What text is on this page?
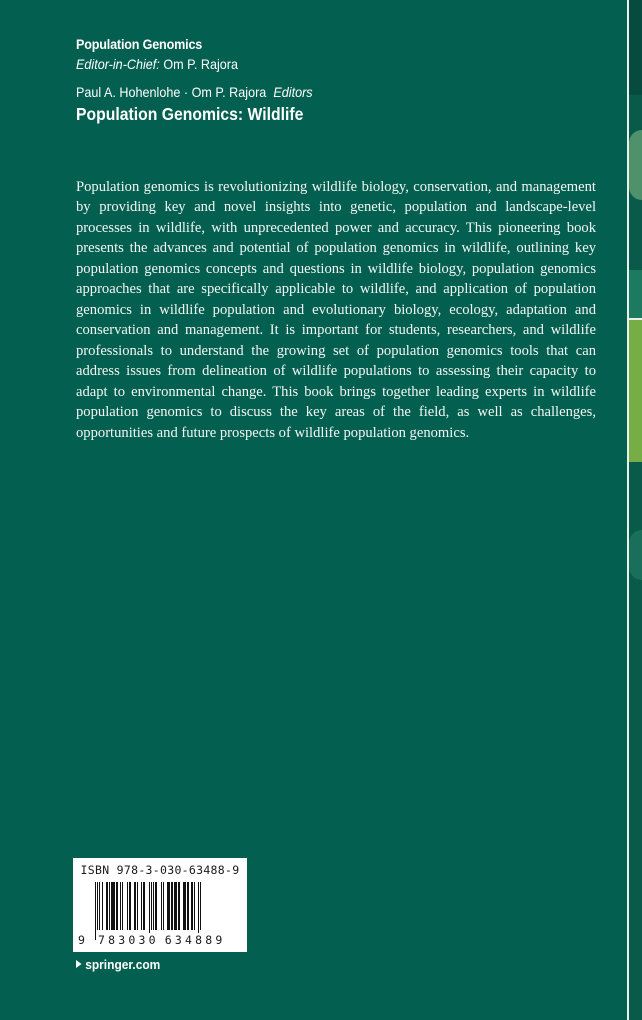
Population Genomics
Editor-in-Chief: Om P. Rajora
Paul A. Hohenlohe · Om P. Rajora Editors
Population Genomics: Wildlife

Population genomics is revolutionizing wildlife biology, conservation, and management by providing key and novel insights into genetic, population and landscape-level processes in wildlife, with unprecedented power and accuracy. This pioneering book presents the advances and potential of population genomics in wildlife, outlining key population genomics concepts and questions in wildlife biology, population genomics approaches that are specifically applicable to wildlife, and application of population genomics in wildlife population and evolutionary biology, ecology, adaptation and conservation and management. It is important for students, researchers, and wildlife professionals to understand the growing set of population genomics tools that can address issues from delineation of wildlife populations to assessing their capacity to adapt to environmental change. This book brings together leading experts in wildlife population genomics to discuss the key areas of the field, as well as challenges, opportunities and future prospects of wildlife population genomics.

ISBN 978-3-030-63488-9
9	783030 634889
springer.com
